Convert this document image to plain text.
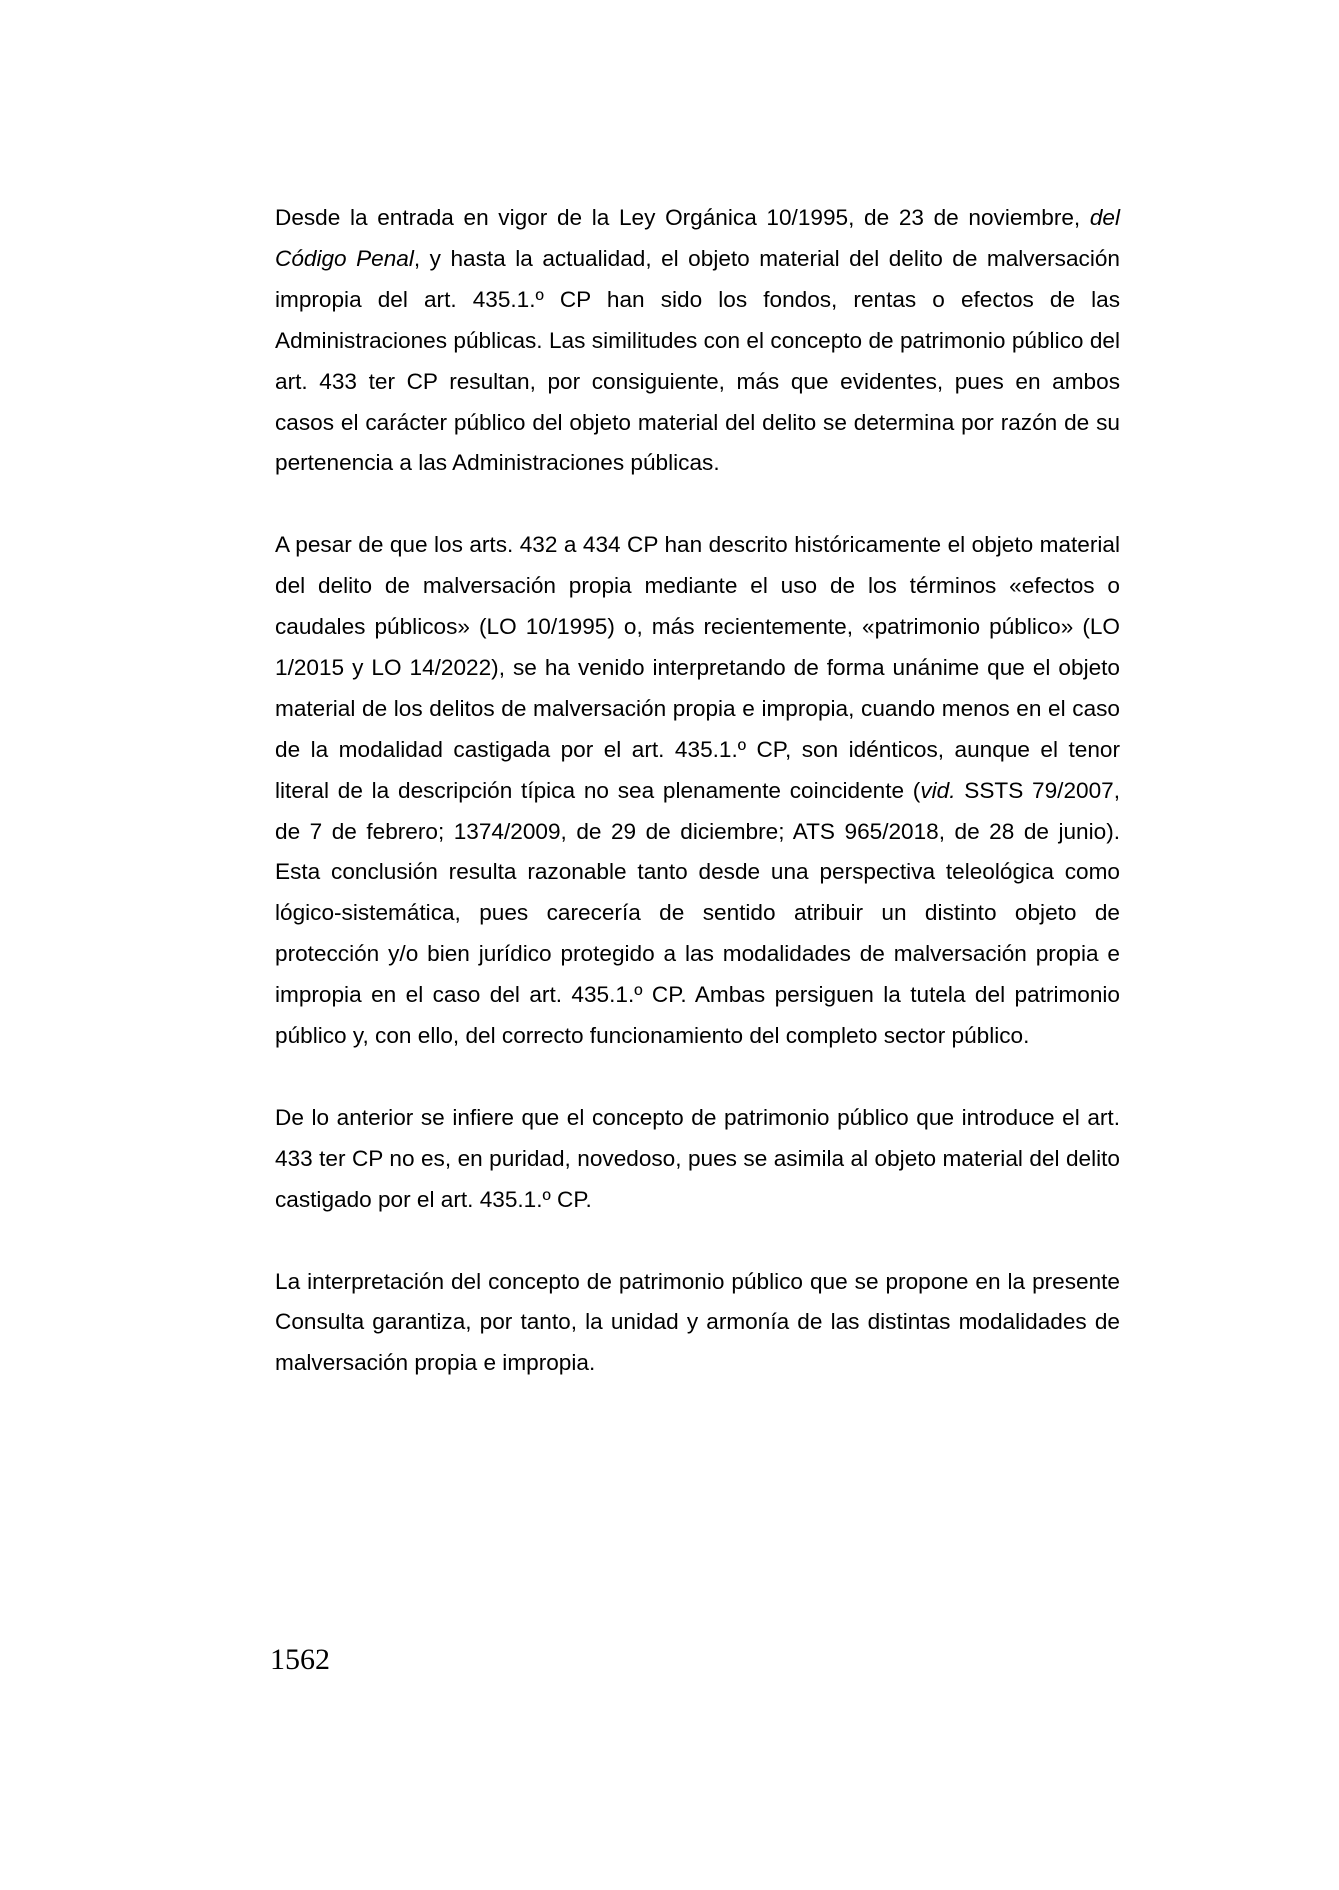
Desde la entrada en vigor de la Ley Orgánica 10/1995, de 23 de noviembre, del Código Penal, y hasta la actualidad, el objeto material del delito de malversación impropia del art. 435.1.º CP han sido los fondos, rentas o efectos de las Administraciones públicas. Las similitudes con el concepto de patrimonio público del art. 433 ter CP resultan, por consiguiente, más que evidentes, pues en ambos casos el carácter público del objeto material del delito se determina por razón de su pertenencia a las Administraciones públicas.

A pesar de que los arts. 432 a 434 CP han descrito históricamente el objeto material del delito de malversación propia mediante el uso de los términos «efectos o caudales públicos» (LO 10/1995) o, más recientemente, «patrimonio público» (LO 1/2015 y LO 14/2022), se ha venido interpretando de forma unánime que el objeto material de los delitos de malversación propia e impropia, cuando menos en el caso de la modalidad castigada por el art. 435.1.º CP, son idénticos, aunque el tenor literal de la descripción típica no sea plenamente coincidente (vid. SSTS 79/2007, de 7 de febrero; 1374/2009, de 29 de diciembre; ATS 965/2018, de 28 de junio). Esta conclusión resulta razonable tanto desde una perspectiva teleológica como lógico-sistemática, pues carecería de sentido atribuir un distinto objeto de protección y/o bien jurídico protegido a las modalidades de malversación propia e impropia en el caso del art. 435.1.º CP. Ambas persiguen la tutela del patrimonio público y, con ello, del correcto funcionamiento del completo sector público.

De lo anterior se infiere que el concepto de patrimonio público que introduce el art. 433 ter CP no es, en puridad, novedoso, pues se asimila al objeto material del delito castigado por el art. 435.1.º CP.

La interpretación del concepto de patrimonio público que se propone en la presente Consulta garantiza, por tanto, la unidad y armonía de las distintas modalidades de malversación propia e impropia.

1562
